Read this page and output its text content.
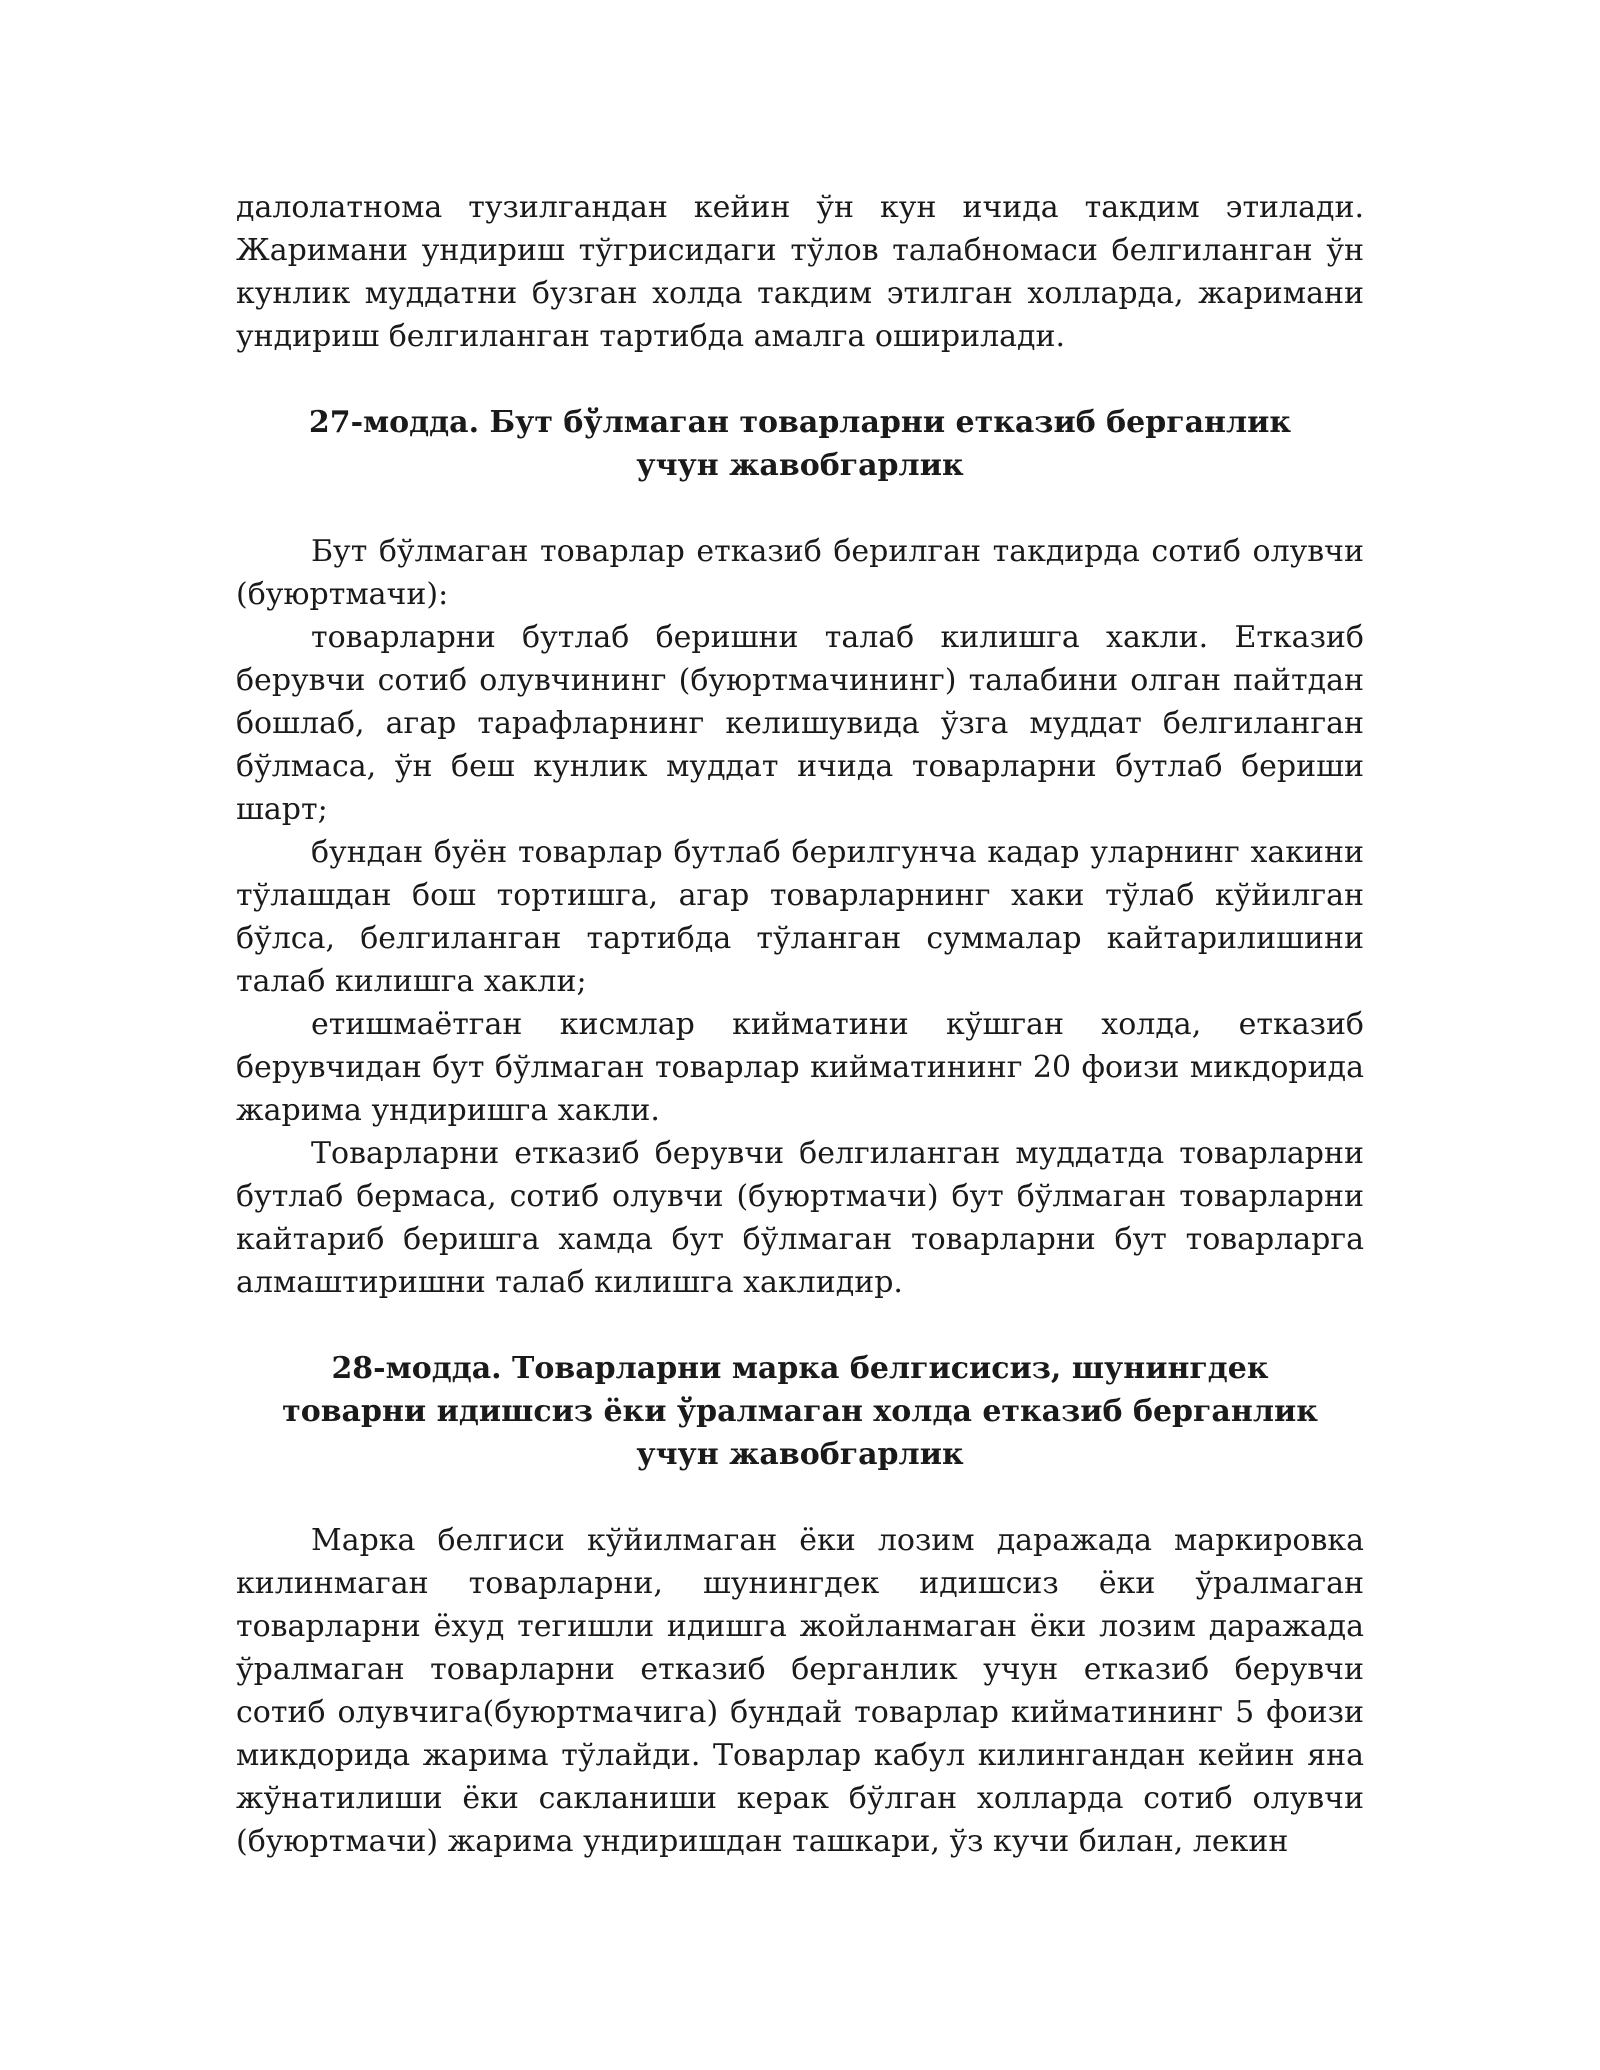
далолатнома тузилгандан кейин ўн кун ичида такдим этилади. Жаримани ундириш тўгрисидаги тўлов талабномаси белгиланган ўн кунлик муддатни бузган холда такдим этилган холларда, жаримани ундириш белгиланган тартибда амалга оширилади.

27-модда. Бут бўлмаган товарларни етказиб берганлик учун жавобгарлик

Бут бўлмаган товарлар етказиб берилган такдирда сотиб олувчи (буюртмачи):

товарларни бутлаб беришни талаб килишга хакли. Етказиб берувчи сотиб олувчининг (буюртмачининг) талабини олган пайтдан бошлаб, агар тарафларнинг келишувида ўзга муддат белгиланган бўлмаса, ўн беш кунлик муддат ичида товарларни бутлаб бериши шарт;

бундан буён товарлар бутлаб берилгунча кадар уларнинг хакини тўлашдан бош тортишга, агар товарларнинг хаки тўлаб кўйилган бўлса, белгиланган тартибда тўланган суммалар кайтарилишини талаб килишга хакли;

етишмаётган кисмлар кийматини кўшган холда, етказиб берувчидан бут бўлмаган товарлар кийматининг 20 фоизи микдорида жарима ундиришга хакли.

Товарларни етказиб берувчи белгиланган муддатда товарларни бутлаб бермаса, сотиб олувчи (буюртмачи) бут бўлмаган товарларни кайтариб беришга хамда бут бўлмаган товарларни бут товарларга алмаштиришни талаб килишга хаклидир.

28-модда. Товарларни марка белгисисиз, шунингдек товарни идишсиз ёки ўралмаган холда етказиб берганлик учун жавобгарлик

Марка белгиси кўйилмаган ёки лозим даражада маркировка килинмаган товарларни, шунингдек идишсиз ёки ўралмаган товарларни ёхуд тегишли идишга жойланмаган ёки лозим даражада ўралмаган товарларни етказиб берганлик учун етказиб берувчи сотиб олувчига(буюртмачига) бундай товарлар кийматининг 5 фоизи микдорида жарима тўлайди. Товарлар кабул килингандан кейин яна жўнатилиши ёки сакланиши керак бўлган холларда сотиб олувчи (буюртмачи) жарима ундиришдан ташкари, ўз кучи билан, лекин
